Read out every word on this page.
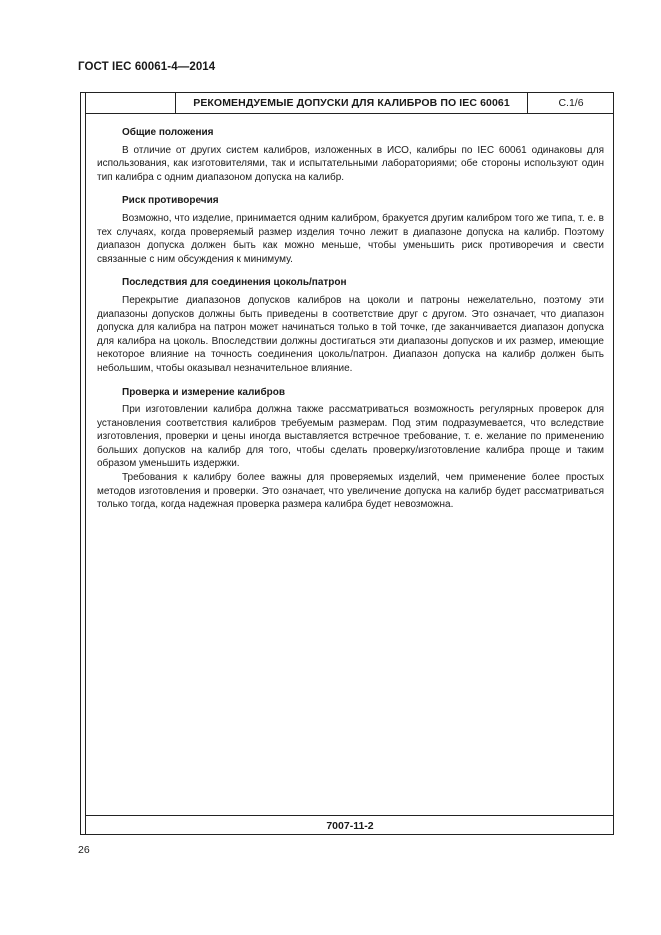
ГОСТ IEC 60061-4—2014
РЕКОМЕНДУЕМЫЕ ДОПУСКИ ДЛЯ КАЛИБРОВ ПО IEC 60061	С.1/6
Общие положения

В отличие от других систем калибров, изложенных в ИСО, калибры по IEC 60061 одинаковы для использования, как изготовителями, так и испытательными лабораториями; обе стороны используют один тип калибра с одним диапазоном допуска на калибр.

Риск противоречия

Возможно, что изделие, принимается одним калибром, бракуется другим калибром того же типа, т. е. в тех случаях, когда проверяемый размер изделия точно лежит в диапазоне допуска на калибр. Поэтому диапазон допуска должен быть как можно меньше, чтобы уменьшить риск противоречия и свести связанные с ним обсуждения к минимуму.

Последствия для соединения цоколь/патрон

Перекрытие диапазонов допусков калибров на цоколи и патроны нежелательно, поэтому эти диапазоны допусков должны быть приведены в соответствие друг с другом. Это означает, что диапазон допуска для калибра на патрон может начинаться только в той точке, где заканчивается диапазон допуска для калибра на цоколь. Впоследствии должны достигаться эти диапазоны допусков и их размер, имеющие некоторое влияние на точность соединения цоколь/патрон. Диапазон допуска на калибр должен быть небольшим, чтобы оказывал незначительное влияние.

Проверка и измерение калибров

При изготовлении калибра должна также рассматриваться возможность регулярных проверок для установления соответствия калибров требуемым размерам. Под этим подразумевается, что вследствие изготовления, проверки и цены иногда выставляется встречное требование, т. е. желание по применению больших допусков на калибр для того, чтобы сделать проверку/изготовление калибра проще и таким образом уменьшить издержки.

Требования к калибру более важны для проверяемых изделий, чем применение более простых методов изготовления и проверки. Это означает, что увеличение допуска на калибр будет рассматриваться только тогда, когда надежная проверка размера калибра будет невозможна.

7007-11-2
26
